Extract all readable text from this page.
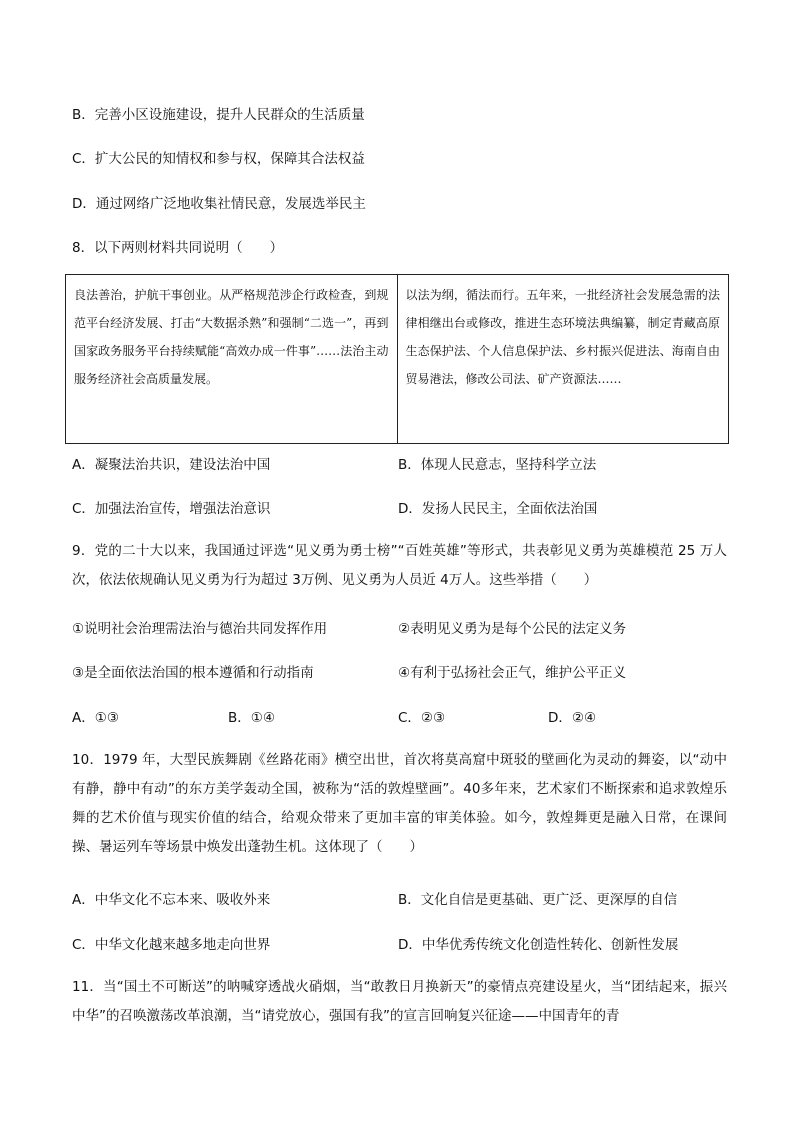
B．完善小区设施建设，提升人民群众的生活质量
C．扩大公民的知情权和参与权，保障其合法权益
D．通过网络广泛地收集社情民意，发展选举民主
8．以下两则材料共同说明（　　）
良法善治，护航干事创业。从严格规范涉企行政检查，到规范平台经济发展、打击“大数据杀熟”和强制“二选一”，再到国家政务服务平台持续赋能“高效办成一件事”……法治主动服务经济社会高质量发展。	以法为纲，循法而行。五年来，一批经济社会发展急需的法律相继出台或修改，推进生态环境法典编纂，制定青藏高原生态保护法、个人信息保护法、乡村振兴促进法、海南自由贸易港法，修改公司法、矿产资源法……
A．凝聚法治共识，建设法治中国	B．体现人民意志，坚持科学立法
C．加强法治宣传，增强法治意识	D．发扬人民民主，全面依法治国
9．党的二十大以来，我国通过评选“见义勇为勇士榜”“百姓英雄”等形式，共表彰见义勇为英雄模范 25 万人次，依法依规确认见义勇为行为超过 3万例、见义勇为人员近 4万人。这些举措（　　）
①说明社会治理需法治与德治共同发挥作用	②表明见义勇为是每个公民的法定义务
③是全面依法治国的根本遵循和行动指南	④有利于弘扬社会正气，维护公平正义
A．①③	B．①④	C．②③	D．②④
10．1979 年，大型民族舞剧《丝路花雨》横空出世，首次将莫高窟中斑驳的壁画化为灵动的舞姿，以“动中有静，静中有动”的东方美学轰动全国，被称为“活的敦煌壁画”。40多年来，艺术家们不断探索和追求敦煌乐舞的艺术价值与现实价值的结合，给观众带来了更加丰富的审美体验。如今，敦煌舞更是融入日常，在课间操、暑运列车等场景中焕发出蓬勃生机。这体现了（　　）
A．中华文化不忘本来、吸收外来	B．文化自信是更基础、更广泛、更深厚的自信
C．中华文化越来越多地走向世界	D．中华优秀传统文化创造性转化、创新性发展
11．当“国土不可断送”的呐喊穿透战火硝烟，当“敢教日月换新天”的豪情点亮建设星火，当“团结起来，振兴中华”的召唤激荡改革浪潮，当“请党放心，强国有我”的宣言回响复兴征途——中国青年的青
